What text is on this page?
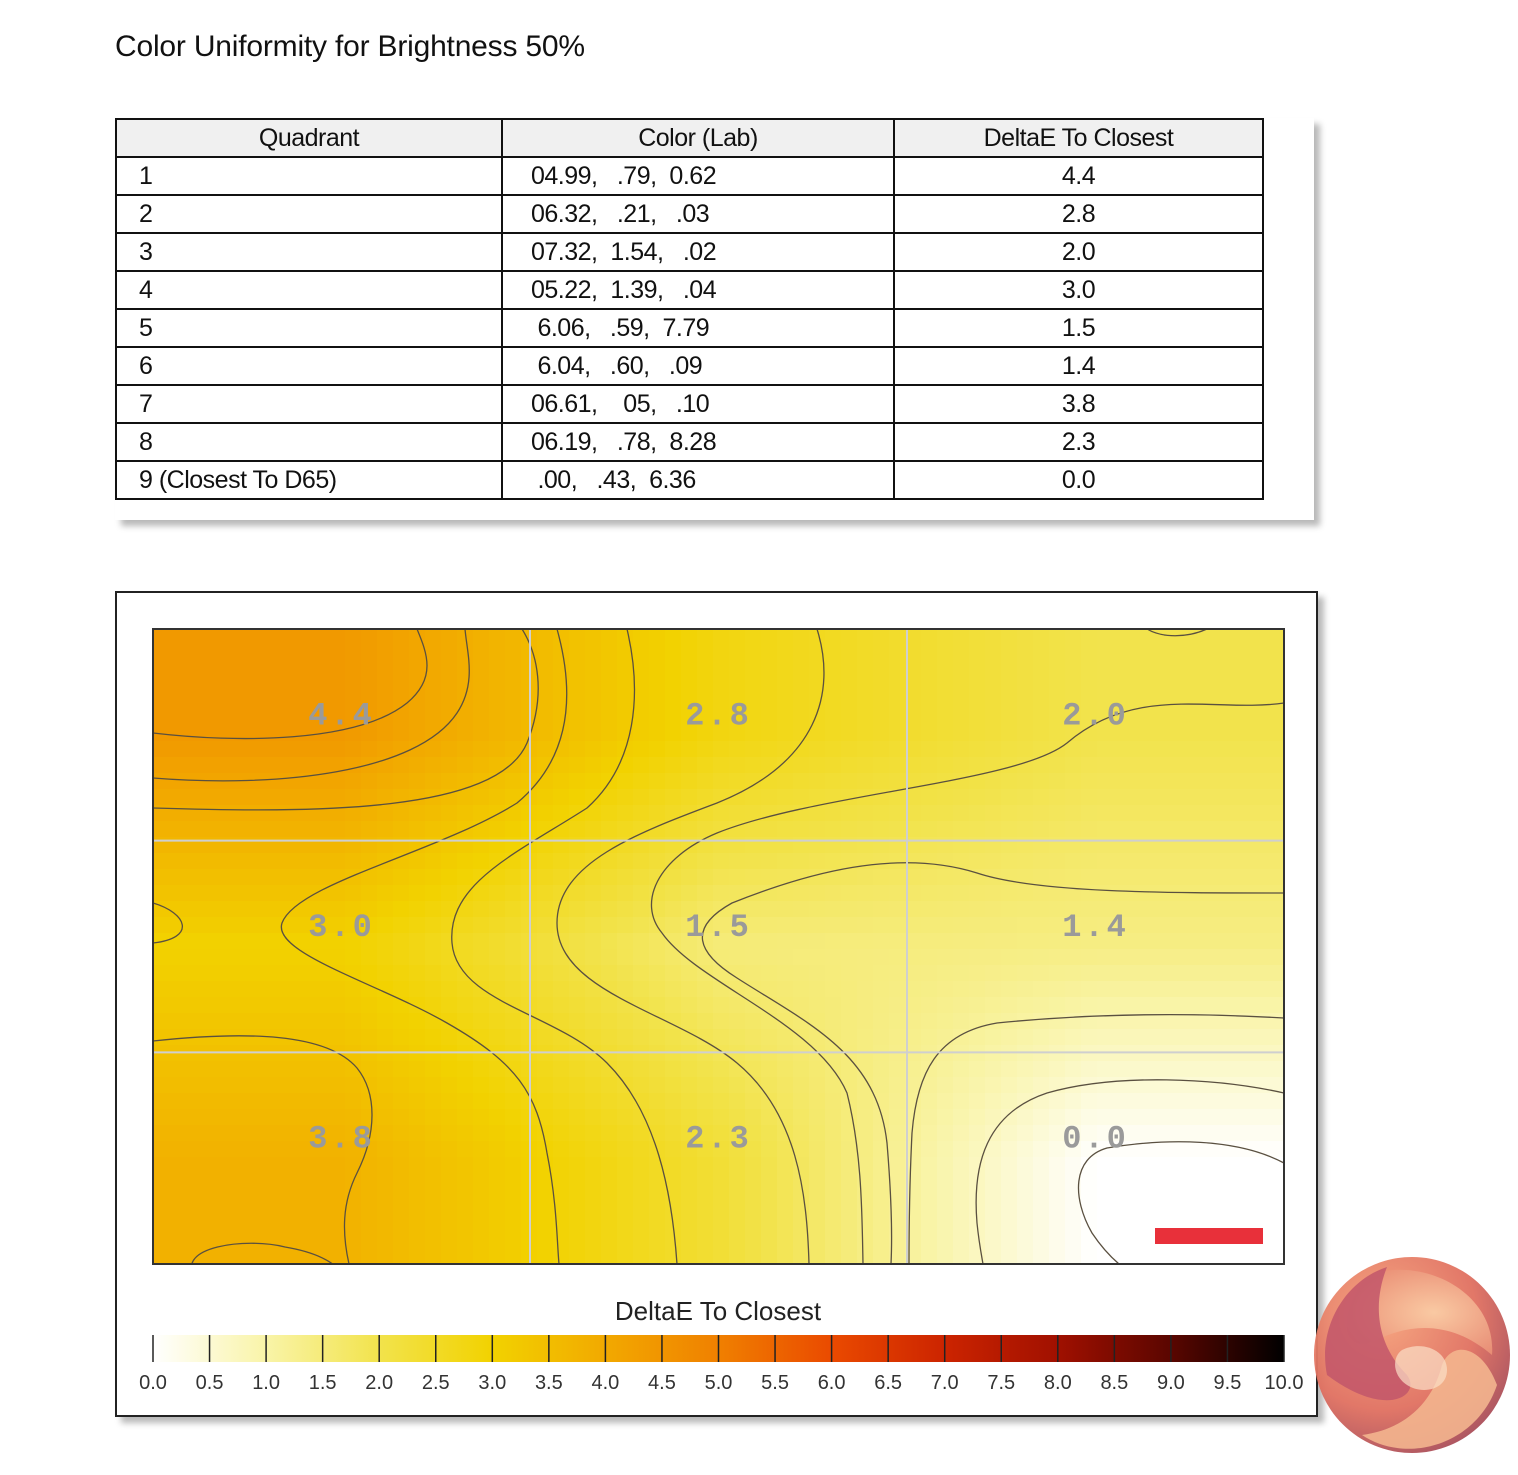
Color Uniformity for Brightness 50%
Quadrant	Color (Lab)	DeltaE To Closest
1	04.99,   .79,  0.62	4.4
2	06.32,   .21,   .03	2.8
3	07.32,  1.54,   .02	2.0
4	05.22,  1.39,   .04	3.0
5	6.06,   .59,  7.79	1.5
6	6.04,   .60,   .09	1.4
7	06.61,    05,   .10	3.8
8	06.19,   .78,  8.28	2.3
9 (Closest To D65)	.00,   .43,  6.36	0.0
4.4	2.8	2.0
3.0	1.5	1.4
3.8	2.3	0.0
DeltaE To Closest
0.0 0.5 1.0 1.5 2.0 2.5 3.0 3.5 4.0 4.5 5.0 5.5 6.0 6.5 7.0 7.5 8.0 8.5 9.0 9.5 10.0
